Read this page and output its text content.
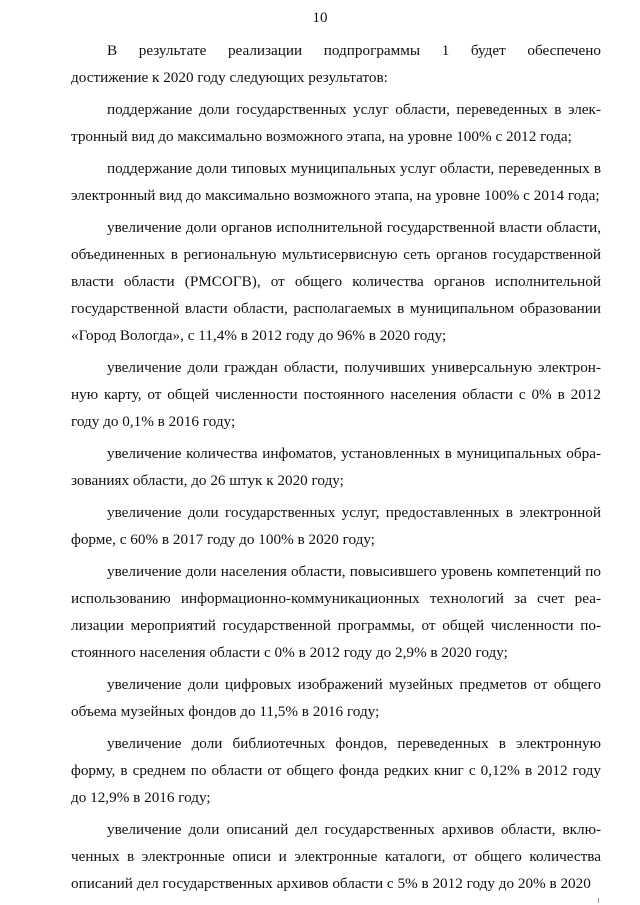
10
В результате реализации подпрограммы 1 будет обеспечено

достижение к 2020 году следующих результатов:

поддержание доли государственных услуг области, переведенных в электронный вид до максимально возможного этапа, на уровне 100% с 2012 года;

поддержание доли типовых муниципальных услуг области, переведенных в электронный вид до максимально возможного этапа, на уровне 100% с 2014 года;

увеличение доли органов исполнительной государственной власти области, объединенных в региональную мультисервисную сеть органов государственной власти области (РМСОГВ), от общего количества органов исполнительной государственной власти области, располагаемых в муниципальном образовании «Город Вологда», с 11,4% в 2012 году до 96% в 2020 году;

увеличение доли граждан области, получивших универсальную электронную карту, от общей численности постоянного населения области с 0% в 2012 году до 0,1% в 2016 году;

увеличение количества инфоматов, установленных в муниципальных образованиях области, до 26 штук к 2020 году;

увеличение доли государственных услуг, предоставленных в электронной форме, с 60% в 2017 году до 100% в 2020 году;

увеличение доли населения области, повысившего уровень компетенций по использованию информационно-коммуникационных технологий за счет реализации мероприятий государственной программы, от общей численности постоянного населения области с 0% в 2012 году до 2,9% в 2020 году;

увеличение доли цифровых изображений музейных предметов от общего объема музейных фондов до 11,5% в 2016 году;

увеличение доли библиотечных фондов, переведенных в электронную форму, в среднем по области от общего фонда редких книг с 0,12% в 2012 году до 12,9% в 2016 году;

увеличение доли описаний дел государственных архивов области, включенных в электронные описи и электронные каталоги, от общего количества описаний дел государственных архивов области с 5% в 2012 году до 20% в 2020
